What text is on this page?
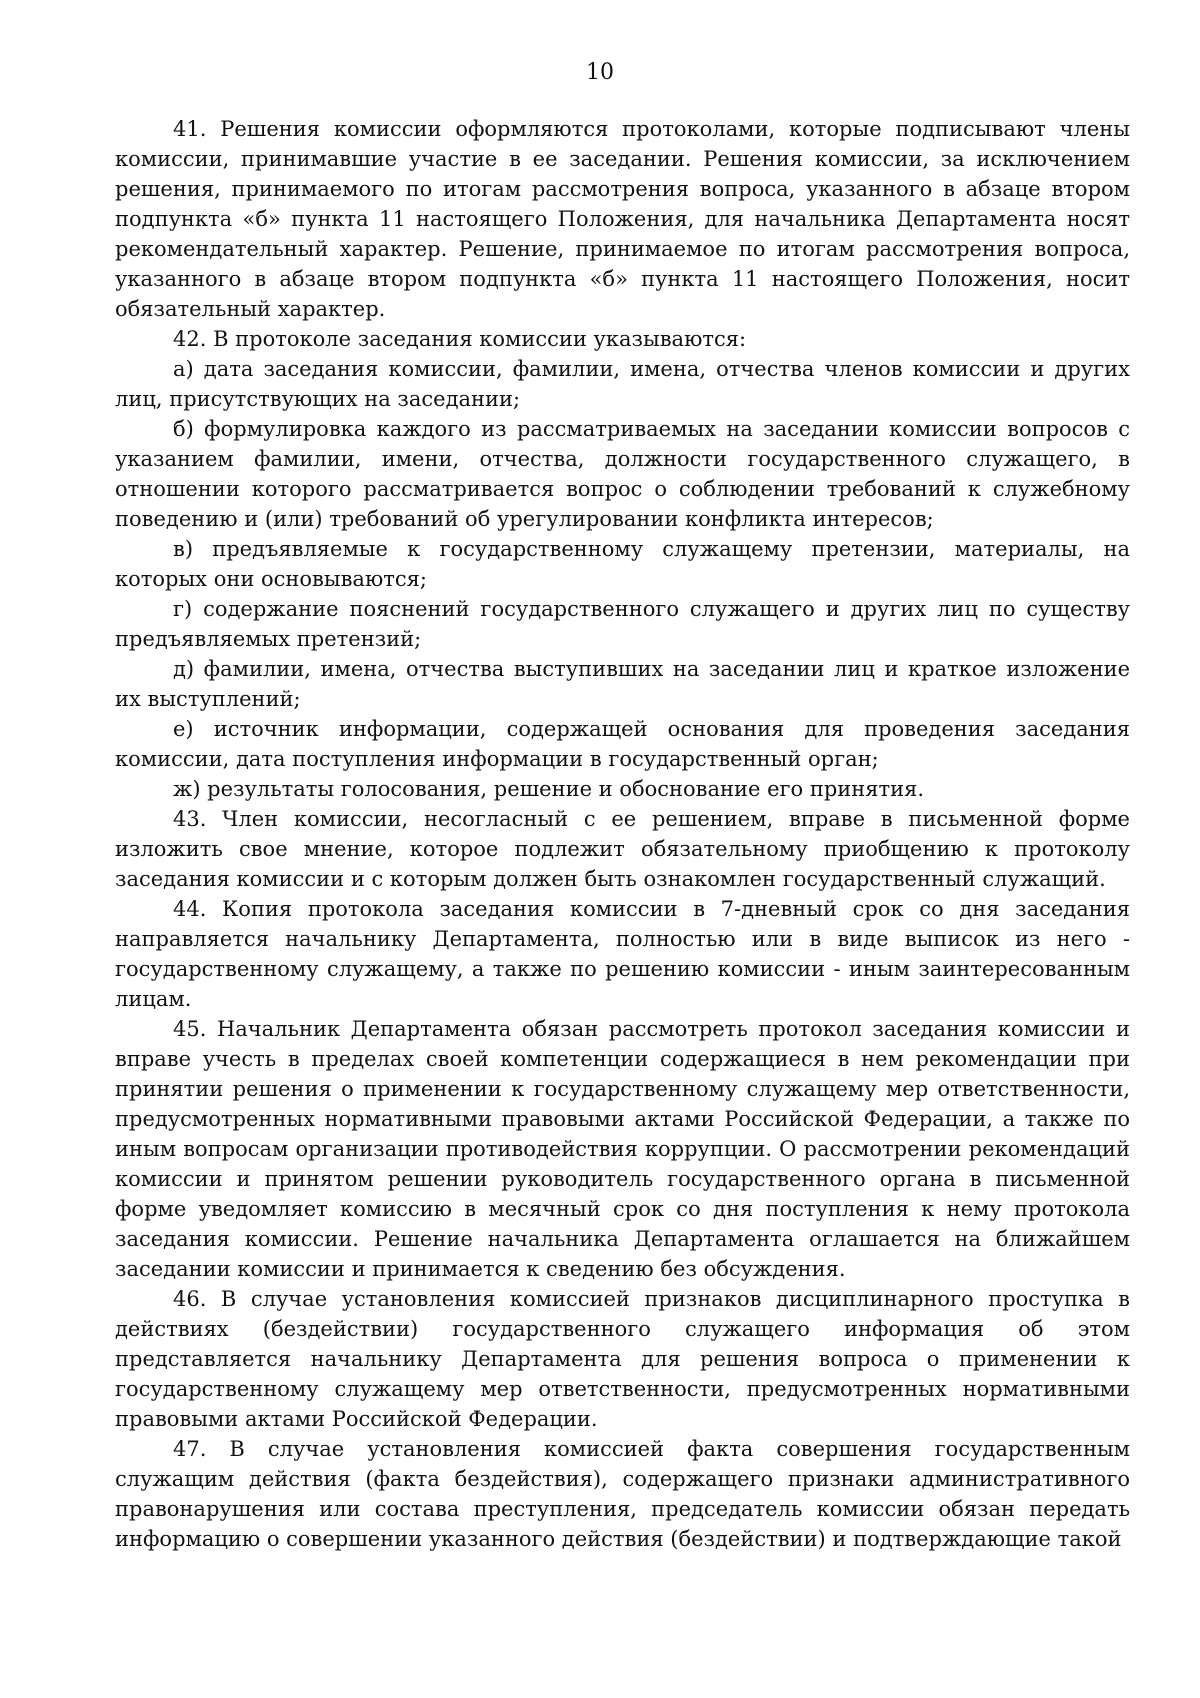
10

41. Решения комиссии оформляются протоколами, которые подписывают члены комиссии, принимавшие участие в ее заседании. Решения комиссии, за исключением решения, принимаемого по итогам рассмотрения вопроса, указанного в абзаце втором подпункта «б» пункта 11 настоящего Положения, для начальника Департамента носят рекомендательный характер. Решение, принимаемое по итогам рассмотрения вопроса, указанного в абзаце втором подпункта «б» пункта 11 настоящего Положения, носит обязательный характер.

42. В протоколе заседания комиссии указываются:

а) дата заседания комиссии, фамилии, имена, отчества членов комиссии и других лиц, присутствующих на заседании;

б) формулировка каждого из рассматриваемых на заседании комиссии вопросов с указанием фамилии, имени, отчества, должности государственного служащего, в отношении которого рассматривается вопрос о соблюдении требований к служебному поведению и (или) требований об урегулировании конфликта интересов;

в) предъявляемые к государственному служащему претензии, материалы, на которых они основываются;

г) содержание пояснений государственного служащего и других лиц по существу предъявляемых претензий;

д) фамилии, имена, отчества выступивших на заседании лиц и краткое изложение их выступлений;

е) источник информации, содержащей основания для проведения заседания комиссии, дата поступления информации в государственный орган;

ж) результаты голосования, решение и обоснование его принятия.

43. Член комиссии, несогласный с ее решением, вправе в письменной форме изложить свое мнение, которое подлежит обязательному приобщению к протоколу заседания комиссии и с которым должен быть ознакомлен государственный служащий.

44. Копия протокола заседания комиссии в 7-дневный срок со дня заседания направляется начальнику Департамента, полностью или в виде выписок из него - государственному служащему, а также по решению комиссии - иным заинтересованным лицам.

45. Начальник Департамента обязан рассмотреть протокол заседания комиссии и вправе учесть в пределах своей компетенции содержащиеся в нем рекомендации при принятии решения о применении к государственному служащему мер ответственности, предусмотренных нормативными правовыми актами Российской Федерации, а также по иным вопросам организации противодействия коррупции. О рассмотрении рекомендаций комиссии и принятом решении руководитель государственного органа в письменной форме уведомляет комиссию в месячный срок со дня поступления к нему протокола заседания комиссии. Решение начальника Департамента оглашается на ближайшем заседании комиссии и принимается к сведению без обсуждения.

46. В случае установления комиссией признаков дисциплинарного проступка в действиях (бездействии) государственного служащего информация об этом представляется начальнику Департамента для решения вопроса о применении к государственному служащему мер ответственности, предусмотренных нормативными правовыми актами Российской Федерации.

47. В случае установления комиссией факта совершения государственным служащим действия (факта бездействия), содержащего признаки административного правонарушения или состава преступления, председатель комиссии обязан передать информацию о совершении указанного действия (бездействии) и подтверждающие такой
